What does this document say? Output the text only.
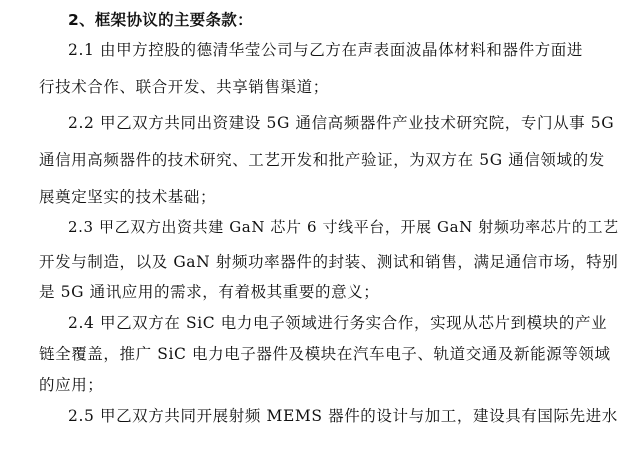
2、框架协议的主要条款：
2.1 由甲方控股的德清华莹公司与乙方在声表面波晶体材料和器件方面进
行技术合作、联合开发、共享销售渠道；
2.2 甲乙双方共同出资建设 5G 通信高频器件产业技术研究院，专门从事 5G
通信用高频器件的技术研究、工艺开发和批产验证，为双方在 5G 通信领域的发
展奠定坚实的技术基础；
2.3 甲乙双方出资共建 GaN 芯片 6 寸线平台，开展 GaN 射频功率芯片的工艺
开发与制造，以及 GaN 射频功率器件的封装、测试和销售，满足通信市场，特别
是 5G 通讯应用的需求，有着极其重要的意义；
2.4 甲乙双方在 SiC 电力电子领域进行务实合作，实现从芯片到模块的产业
链全覆盖，推广 SiC 电力电子器件及模块在汽车电子、轨道交通及新能源等领域
的应用；
2.5 甲乙双方共同开展射频 MEMS 器件的设计与加工，建设具有国际先进水
